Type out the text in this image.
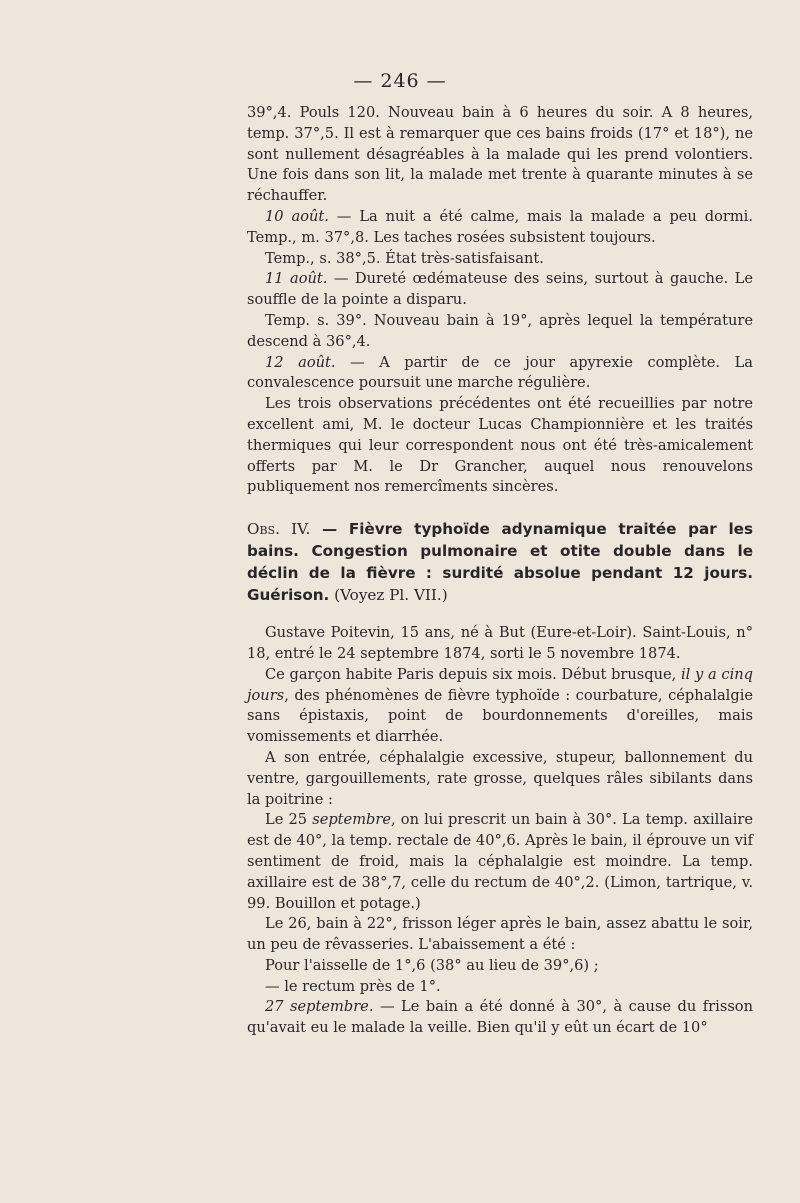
— 246 —

39°,4. Pouls 120. Nouveau bain à 6 heures du soir. A 8 heures, temp. 37°,5. Il est à remarquer que ces bains froids (17° et 18°), ne sont nullement désagréables à la malade qui les prend volontiers. Une fois dans son lit, la malade met trente à quarante minutes à se réchauffer.

10 août. — La nuit a été calme, mais la malade a peu dormi. Temp., m. 37°,8. Les taches rosées subsistent toujours.

Temp., s. 38°,5. État très-satisfaisant.

11 août. — Dureté œdémateuse des seins, surtout à gauche. Le souffle de la pointe a disparu.

Temp. s. 39°. Nouveau bain à 19°, après lequel la température descend à 36°,4.

12 août. — A partir de ce jour apyrexie complète. La convalescence poursuit une marche régulière.

Les trois observations précédentes ont été recueillies par notre excellent ami, M. le docteur Lucas Championnière et les traités thermiques qui leur correspondent nous ont été très-amicalement offerts par M. le Dr Grancher, auquel nous renouvelons publiquement nos remercîments sincères.

Obs. IV. — Fièvre typhoïde adynamique traitée par les bains. Congestion pulmonaire et otite double dans le déclin de la fièvre : surdité absolue pendant 12 jours. Guérison. (Voyez Pl. VII.)

Gustave Poitevin, 15 ans, né à But (Eure-et-Loir). Saint-Louis, n° 18, entré le 24 septembre 1874, sorti le 5 novembre 1874.

Ce garçon habite Paris depuis six mois. Début brusque, il y a cinq jours, des phénomènes de fièvre typhoïde : courbature, céphalalgie sans épistaxis, point de bourdonnements d'oreilles, mais vomissements et diarrhée.

A son entrée, céphalalgie excessive, stupeur, ballonnement du ventre, gargouillements, rate grosse, quelques râles sibilants dans la poitrine :

Le 25 septembre, on lui prescrit un bain à 30°. La temp. axillaire est de 40°, la temp. rectale de 40°,6. Après le bain, il éprouve un vif sentiment de froid, mais la céphalalgie est moindre. La temp. axillaire est de 38°,7, celle du rectum de 40°,2. (Limon, tartrique, v. 99. Bouillon et potage.)

Le 26, bain à 22°, frisson léger après le bain, assez abattu le soir, un peu de rêvasseries. L'abaissement a été :

Pour l'aisselle de 1°,6 (38° au lieu de 39°,6) ;

— le rectum près de 1°.

27 septembre. — Le bain a été donné à 30°, à cause du frisson qu'avait eu le malade la veille. Bien qu'il y eût un écart de 10°
